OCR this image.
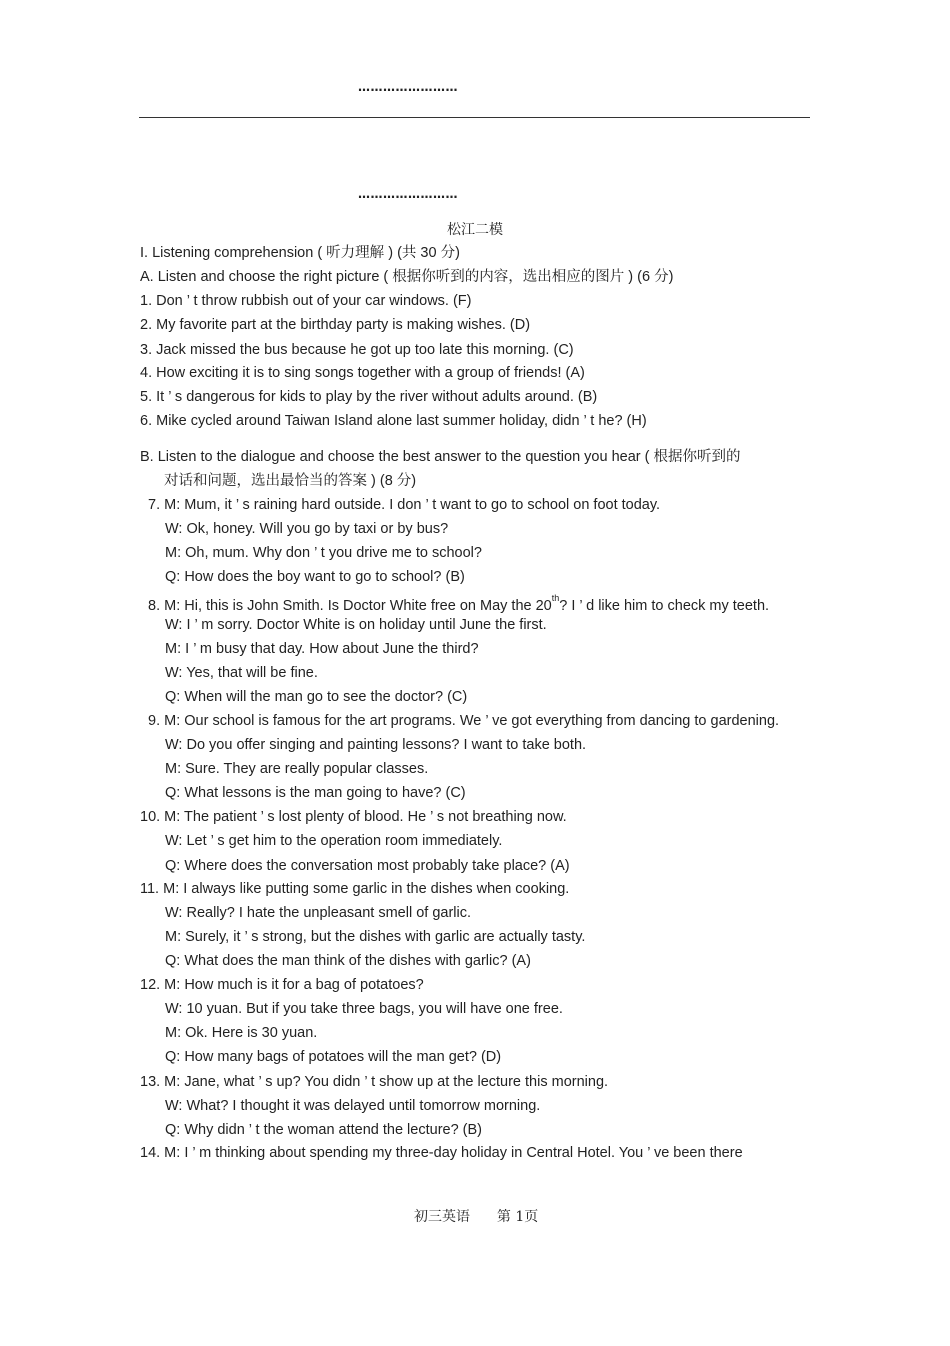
……………………
……………………
松江二模
I. Listening comprehension ( 听力理解 ) (共 30 分)
A. Listen and choose the right picture ( 根据你听到的内容，选出相应的图片 ) (6 分)
1. Don ’ t throw rubbish out of your car windows. (F)
2. My favorite part at the birthday party is making wishes. (D)
3. Jack missed the bus because he got up too late this morning. (C)
4. How exciting it is to sing songs together with a group of friends! (A)
5. It ’ s dangerous for kids to play by the river without adults around. (B)
6. Mike cycled around Taiwan Island alone last summer holiday, didn ’ t he? (H)
B. Listen to the dialogue and choose the best answer to the question you hear ( 根据你听到的
对话和问题，选出最恰当的答案 ) (8 分)
7. M: Mum, it ’ s raining hard outside. I don ’ t want to go to school on foot today.
W: Ok, honey. Will you go by taxi or by bus?
M: Oh, mum. Why don ’ t you drive me to school?
Q: How does the boy want to go to school? (B)
8. M: Hi, this is John Smith. Is Doctor White free on May the 20th? I ’ d like him to check my teeth.
W: I ’ m sorry. Doctor White is on holiday until June the first.
M: I ’ m busy that day. How about June the third?
W: Yes, that will be fine.
Q: When will the man go to see the doctor? (C)
9. M: Our school is famous for the art programs. We ’ ve got everything from dancing to gardening.
W: Do you offer singing and painting lessons? I want to take both.
M: Sure. They are really popular classes.
Q: What lessons is the man going to have? (C)
10. M: The patient ’ s lost plenty of blood. He ’ s not breathing now.
W: Let ’ s get him to the operation room immediately.
Q: Where does the conversation most probably take place? (A)
11. M: I always like putting some garlic in the dishes when cooking.
W: Really? I hate the unpleasant smell of garlic.
M: Surely, it ’ s strong, but the dishes with garlic are actually tasty.
Q: What does the man think of the dishes with garlic? (A)
12. M: How much is it for a bag of potatoes?
W: 10 yuan. But if you take three bags, you will have one free.
M: Ok. Here is 30 yuan.
Q: How many bags of potatoes will the man get? (D)
13. M: Jane, what ’ s up? You didn ’ t show up at the lecture this morning.
W: What? I thought it was delayed until tomorrow morning.
Q: Why didn ’ t the woman attend the lecture? (B)
14. M: I ’ m thinking about spending my three-day holiday in Central Hotel. You ’ ve been there
初三英语 第 1页
